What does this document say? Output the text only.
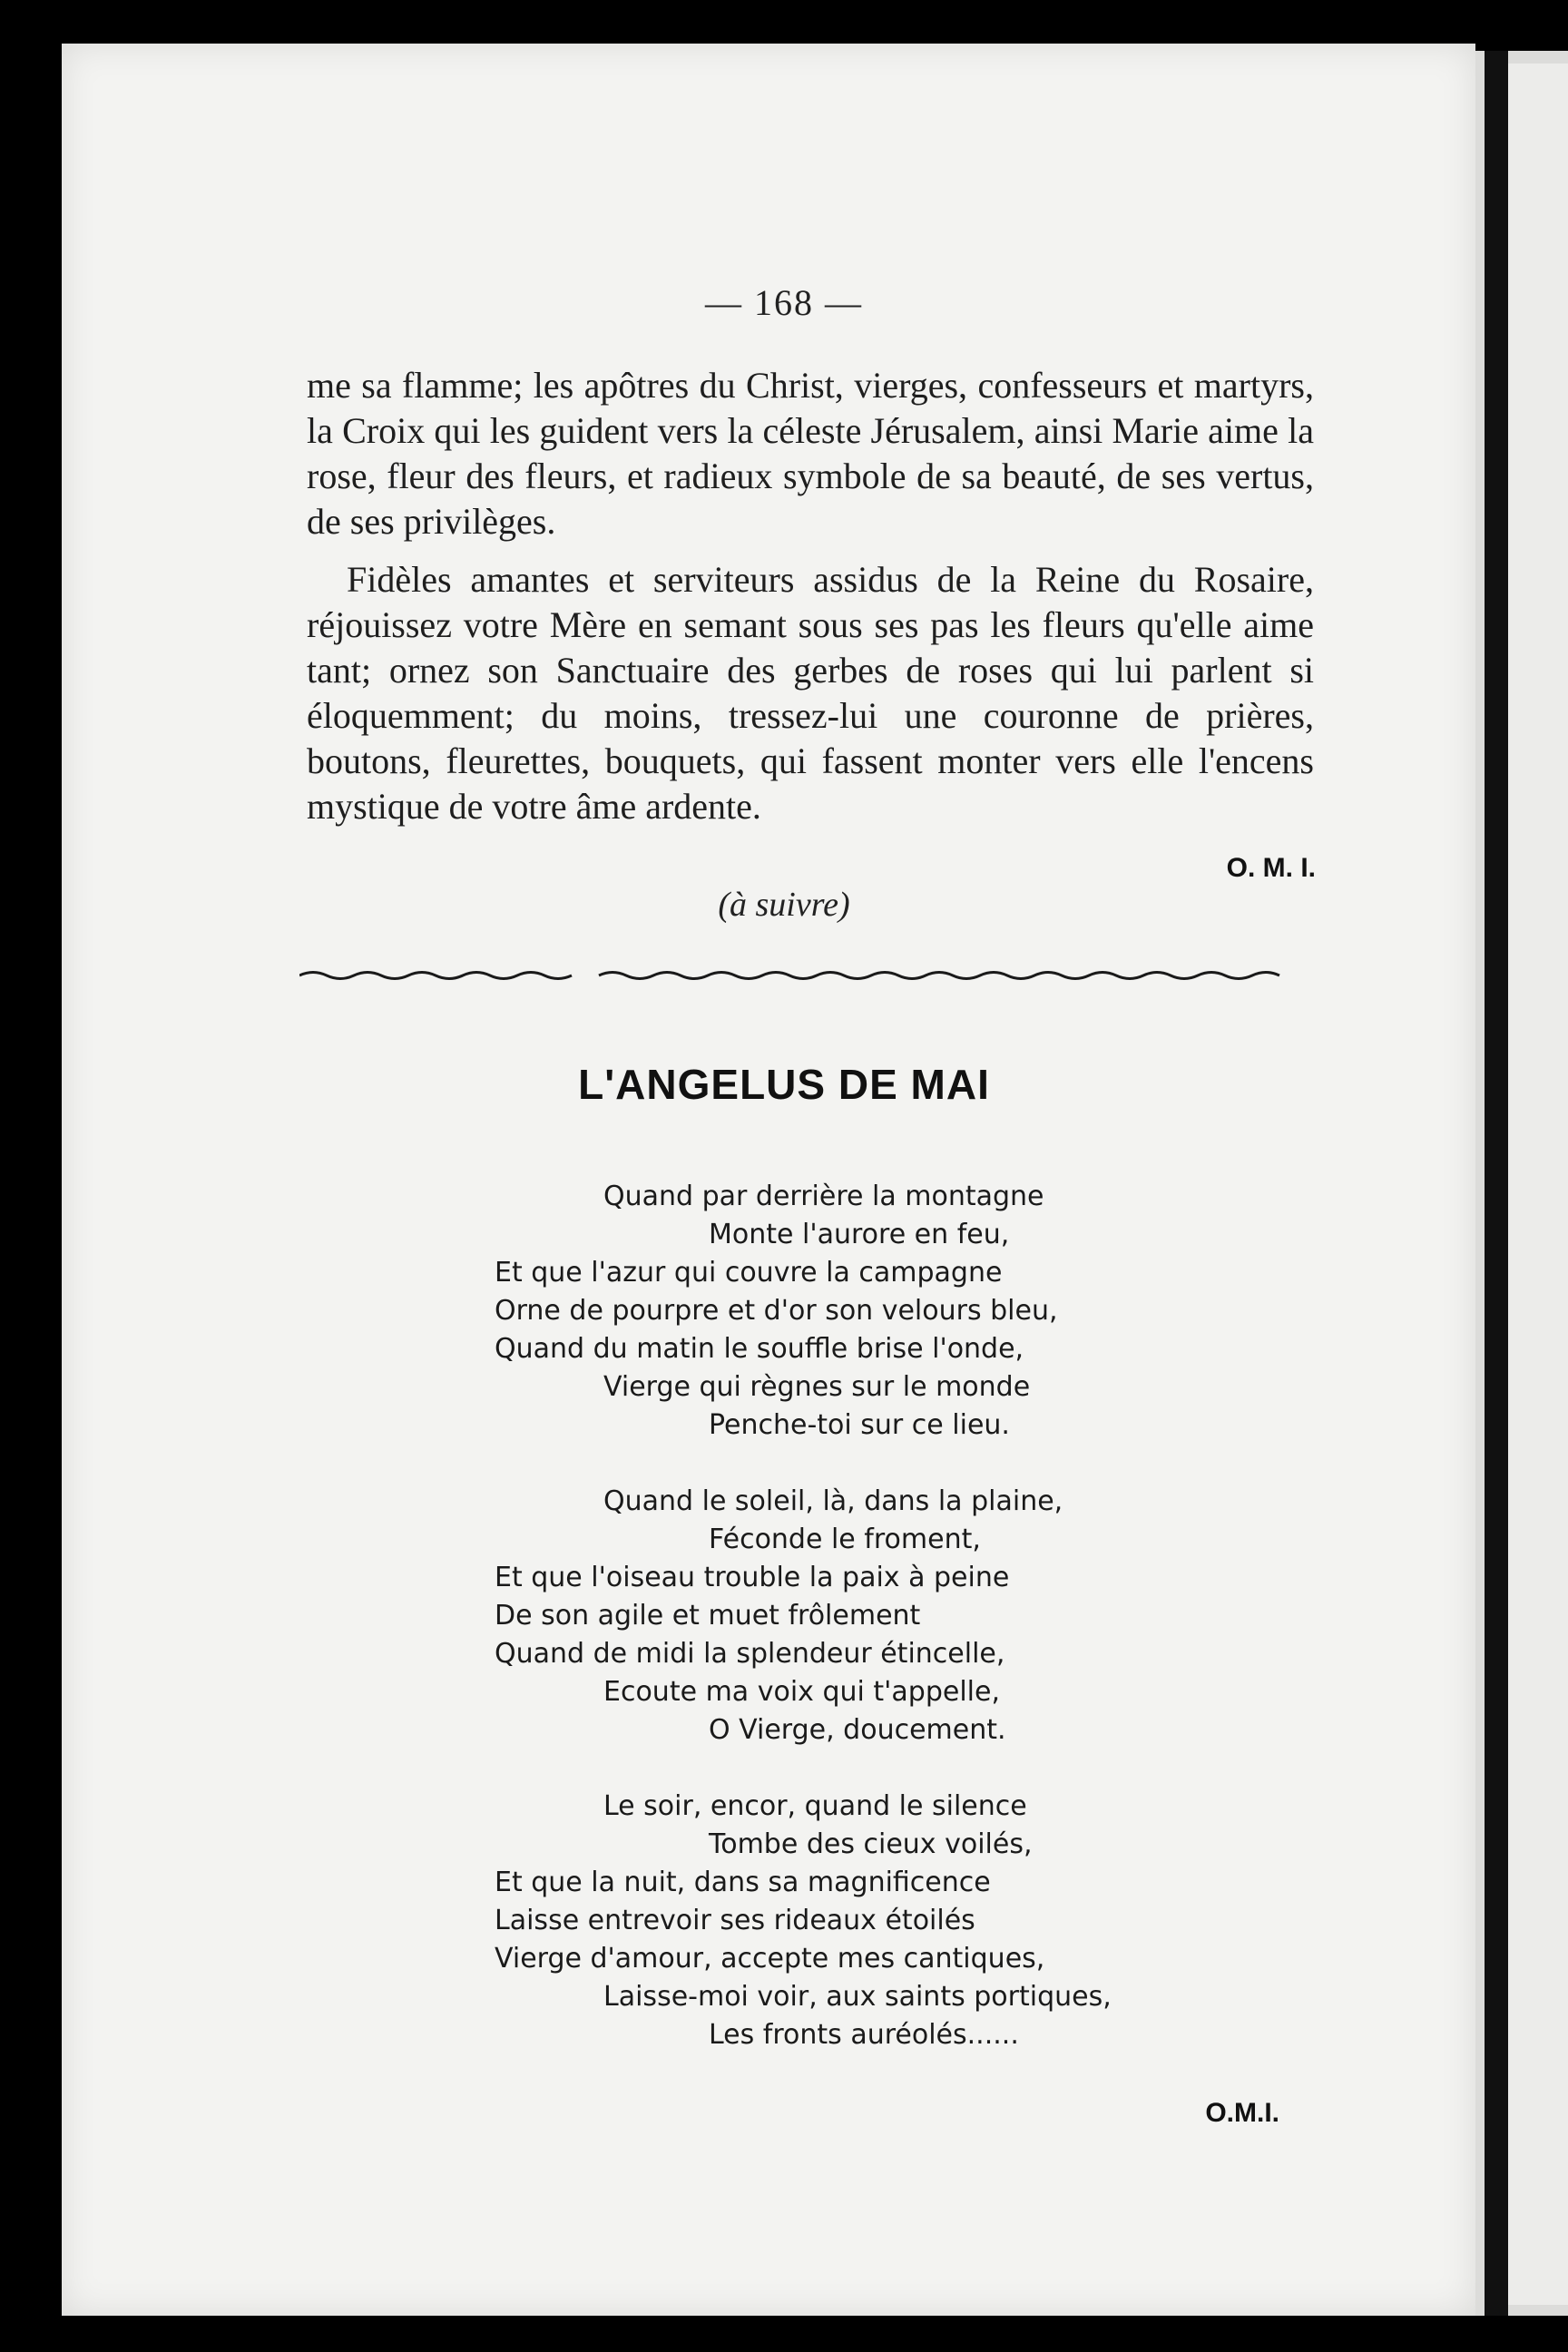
— 168 —

me sa flamme; les apôtres du Christ, vierges, confesseurs et martyrs, la Croix qui les guident vers la céleste Jérusalem, ainsi Marie aime la rose, fleur des fleurs, et radieux symbole de sa beauté, de ses vertus, de ses privilèges.

Fidèles amantes et serviteurs assidus de la Reine du Rosaire, réjouissez votre Mère en semant sous ses pas les fleurs qu'elle aime tant; ornez son Sanctuaire des gerbes de roses qui lui parlent si éloquemment; du moins, tressez-lui une couronne de prières, boutons, fleurettes, bouquets, qui fassent monter vers elle l'encens mystique de votre âme ardente.

O. M. I.
(à suivre)
L'ANGELUS DE MAI
Quand par derrière la montagne
Monte l'aurore en feu,
Et que l'azur qui couvre la campagne
Orne de pourpre et d'or son velours bleu,
Quand du matin le souffle brise l'onde,
Vierge qui règnes sur le monde
Penche-toi sur ce lieu.
Quand le soleil, là, dans la plaine,
Féconde le froment,
Et que l'oiseau trouble la paix à peine
De son agile et muet frôlement
Quand de midi la splendeur étincelle,
Ecoute ma voix qui t'appelle,
O Vierge, doucement.
Le soir, encor, quand le silence
Tombe des cieux voilés,
Et que la nuit, dans sa magnificence
Laisse entrevoir ses rideaux étoilés
Vierge d'amour, accepte mes cantiques,
Laisse-moi voir, aux saints portiques,
Les fronts auréolés......
O.M.I.
